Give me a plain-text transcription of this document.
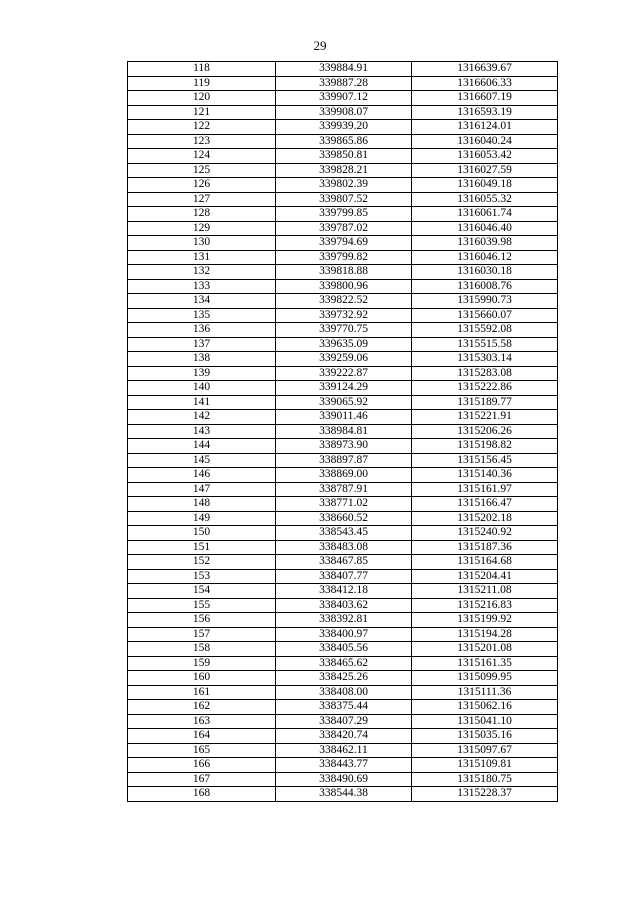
29
118	339884.91	1316639.67
119	339887.28	1316606.33
120	339907.12	1316607.19
121	339908.07	1316593.19
122	339939.20	1316124.01
123	339865.86	1316040.24
124	339850.81	1316053.42
125	339828.21	1316027.59
126	339802.39	1316049.18
127	339807.52	1316055.32
128	339799.85	1316061.74
129	339787.02	1316046.40
130	339794.69	1316039.98
131	339799.82	1316046.12
132	339818.88	1316030.18
133	339800.96	1316008.76
134	339822.52	1315990.73
135	339732.92	1315660.07
136	339770.75	1315592.08
137	339635.09	1315515.58
138	339259.06	1315303.14
139	339222.87	1315283.08
140	339124.29	1315222.86
141	339065.92	1315189.77
142	339011.46	1315221.91
143	338984.81	1315206.26
144	338973.90	1315198.82
145	338897.87	1315156.45
146	338869.00	1315140.36
147	338787.91	1315161.97
148	338771.02	1315166.47
149	338660.52	1315202.18
150	338543.45	1315240.92
151	338483.08	1315187.36
152	338467.85	1315164.68
153	338407.77	1315204.41
154	338412.18	1315211.08
155	338403.62	1315216.83
156	338392.81	1315199.92
157	338400.97	1315194.28
158	338405.56	1315201.08
159	338465.62	1315161.35
160	338425.26	1315099.95
161	338408.00	1315111.36
162	338375.44	1315062.16
163	338407.29	1315041.10
164	338420.74	1315035.16
165	338462.11	1315097.67
166	338443.77	1315109.81
167	338490.69	1315180.75
168	338544.38	1315228.37
